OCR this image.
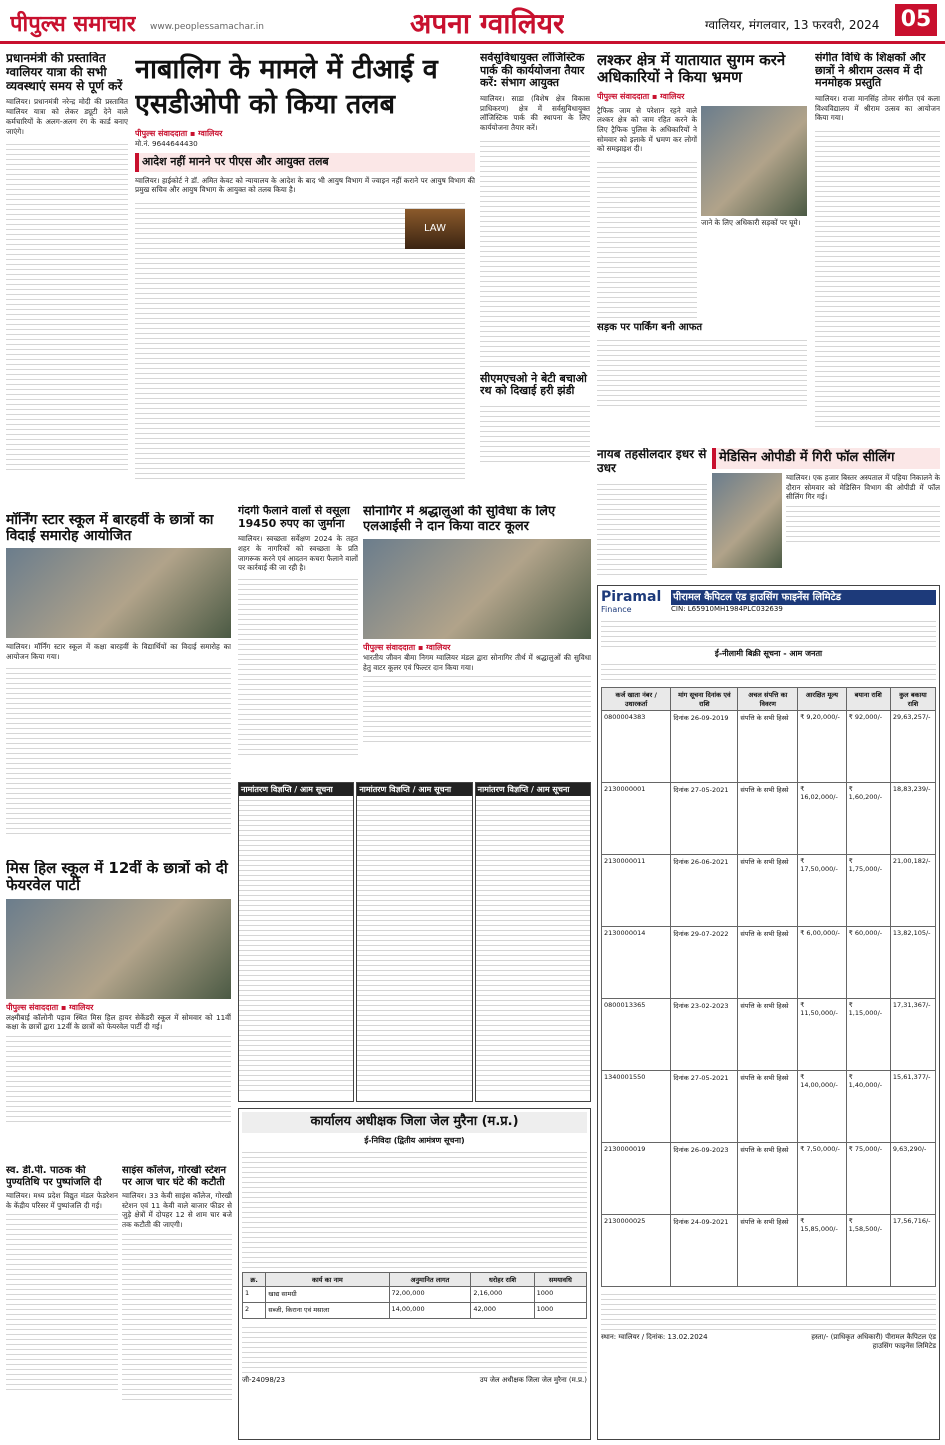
पीपुल्स समाचार www.peoplessamachar.in	अपना ग्वालियर	ग्वालियर, मंगलवार, 13 फरवरी, 2024 05
प्रधानमंत्री की प्रस्तावित ग्वालियर यात्रा की सभी व्यवस्थाएं समय से पूर्ण करें
ग्वालियर। प्रधानमंत्री नरेन्द्र मोदी की प्रस्तावित ग्वालियर यात्रा को लेकर ड्यूटी देने वाले कर्मचारियों के अलग-अलग रंग के कार्ड बनाए जाएंगे।
नाबालिग के मामले में टीआई व एसडीओपी को किया तलब
पीपुल्स संवाददाता ▪ ग्वालियर
मो.नं. 9644644430
आदेश नहीं मानने पर पीएस और आयुक्त तलब
ग्वालियर। हाईकोर्ट ने डॉ. अमित केवट को न्यायालय के आदेश के बाद भी आयुष विभाग में ज्वाइन नहीं कराने पर आयुष विभाग की प्रमुख सचिव और आयुष विभाग के आयुक्त को तलब किया है।
LAW
सर्वसुविधायुक्त लॉजिस्टिक पार्क की कार्ययोजना तैयार करें: संभाग आयुक्त
ग्वालियर। साडा (विशेष क्षेत्र विकास प्राधिकरण) क्षेत्र में सर्वसुविधायुक्त लॉजिस्टिक पार्क की स्थापना के लिए कार्ययोजना तैयार करें।
सीएमएचओ ने बेटी बचाओ रथ को दिखाई हरी झंडी
लश्कर क्षेत्र में यातायात सुगम करने अधिकारियों ने किया भ्रमण
पीपुल्स संवाददाता ▪ ग्वालियर
ट्रैफिक जाम से परेशान रहने वाले लश्कर क्षेत्र को जाम रहित करने के लिए ट्रैफिक पुलिस के अधिकारियों ने सोमवार को इलाके में भ्रमण कर लोगों को समझाइश दी।
जाने के लिए अधिकारी सड़कों पर घूमे।
सड़क पर पार्किंग बनी आफत
संगीत विधि के शिक्षकों और छात्रों ने श्रीराम उत्सव में दी मनमोहक प्रस्तुति
ग्वालियर। राजा मानसिंह तोमर संगीत एवं कला विश्वविद्यालय में श्रीराम उत्सव का आयोजन किया गया।
नायब तहसीलदार इधर से उधर
मेडिसिन ओपीडी में गिरी फॉल सीलिंग
ग्वालियर। एक हजार बिस्तर अस्पताल में पहिया निकालने के दौरान सोमवार को मेडिसिन विभाग की ओपीडी में फॉल सीलिंग गिर गई।
मॉर्निंग स्टार स्कूल में बारहवीं के छात्रों का विदाई समारोह आयोजित
ग्वालियर। मॉर्निंग स्टार स्कूल में कक्षा बारहवीं के विद्यार्थियों का विदाई समारोह का आयोजन किया गया।
गंदगी फैलाने वालों से वसूला 19450 रुपए का जुर्माना
ग्वालियर। स्वच्छता सर्वेक्षण 2024 के तहत शहर के नागरिकों को स्वच्छता के प्रति जागरूक करने एवं आदतन कचरा फैलाने वालों पर कार्रवाई की जा रही है।
सोनागिर में श्रद्धालुओं की सुविधा के लिए एलआईसी ने दान किया वाटर कूलर
पीपुल्स संवाददाता ▪ ग्वालियर
भारतीय जीवन बीमा निगम ग्वालियर मंडल द्वारा सोनागिर तीर्थ में श्रद्धालुओं की सुविधा हेतु वाटर कूलर एवं फिल्टर दान किया गया।
नामांतरण विज्ञप्ति / आम सूचना	नामांतरण विज्ञप्ति / आम सूचना	नामांतरण विज्ञप्ति / आम सूचना
मिस हिल स्कूल में 12वीं के छात्रों को दी फेयरवेल पार्टी
पीपुल्स संवाददाता ▪ ग्वालियर
लक्ष्मीबाई कॉलोनी पड़ाव स्थित मिस हिल हायर सेकेंडरी स्कूल में सोमवार को 11वीं कक्षा के छात्रों द्वारा 12वीं के छात्रों को फेयरवेल पार्टी दी गई।
स्व. डी.पी. पाठक की पुण्यतिथि पर पुष्पांजलि दी
ग्वालियर। मध्य प्रदेश विद्युत मंडल फेडरेशन के केंद्रीय परिसर में पुष्पांजलि दी गई।
साइंस कॉलेज, गोरखी स्टेशन पर आज चार घंटे की कटौती
ग्वालियर। 33 केवी साइंस कॉलेज, गोरखी स्टेशन एवं 11 केवी वाले बाजार फीडर से जुड़े क्षेत्रों में दोपहर 12 से शाम चार बजे तक कटौती की जाएगी।
कार्यालय अधीक्षक जिला जेल मुरैना (म.प्र.)
ई-निविदा (द्वितीय आमंत्रण सूचना)
क्र.	कार्य का नाम	अनुमानित लागत	धरोहर राशि	समयावधि
1	खाद्य सामग्री	72,00,000	2,16,000	1000
2	सब्जी, किराना एवं मसाला	14,00,000	42,000	1000
जी-24098/23	उप जेल अधीक्षक जिला जेल मुरैना (म.प्र.)
Piramal
Finance
पीरामल कैपिटल एंड हाउसिंग फाइनेंस लिमिटेड
CIN: L65910MH1984PLC032639
ई-नीलामी बिक्री सूचना - आम जनता
कर्ज खाता नंबर / उधारकर्ता	मांग सूचना दिनांक एवं राशि	अचल संपत्ति का विवरण	आरक्षित मूल्य	बयाना राशि	कुल बकाया राशि
0800004383	दिनांक 26-09-2019	संपत्ति के सभी हिस्से	₹ 9,20,000/-	₹ 92,000/-	29,63,257/-
2130000001	दिनांक 27-05-2021	संपत्ति के सभी हिस्से	₹ 16,02,000/-	₹ 1,60,200/-	18,83,239/-
2130000011	दिनांक 26-06-2021	संपत्ति के सभी हिस्से	₹ 17,50,000/-	₹ 1,75,000/-	21,00,182/-
2130000014	दिनांक 29-07-2022	संपत्ति के सभी हिस्से	₹ 6,00,000/-	₹ 60,000/-	13,82,105/-
0800013365	दिनांक 23-02-2023	संपत्ति के सभी हिस्से	₹ 11,50,000/-	₹ 1,15,000/-	17,31,367/-
1340001550	दिनांक 27-05-2021	संपत्ति के सभी हिस्से	₹ 14,00,000/-	₹ 1,40,000/-	15,61,377/-
2130000019	दिनांक 26-09-2023	संपत्ति के सभी हिस्से	₹ 7,50,000/-	₹ 75,000/-	9,63,290/-
2130000025	दिनांक 24-09-2021	संपत्ति के सभी हिस्से	₹ 15,85,000/-	₹ 1,58,500/-	17,56,716/-
स्थान: ग्वालियर / दिनांक: 13.02.2024	हस्ता/- (प्राधिकृत अधिकारी) पीरामल कैपिटल एंड हाउसिंग फाइनेंस लिमिटेड
